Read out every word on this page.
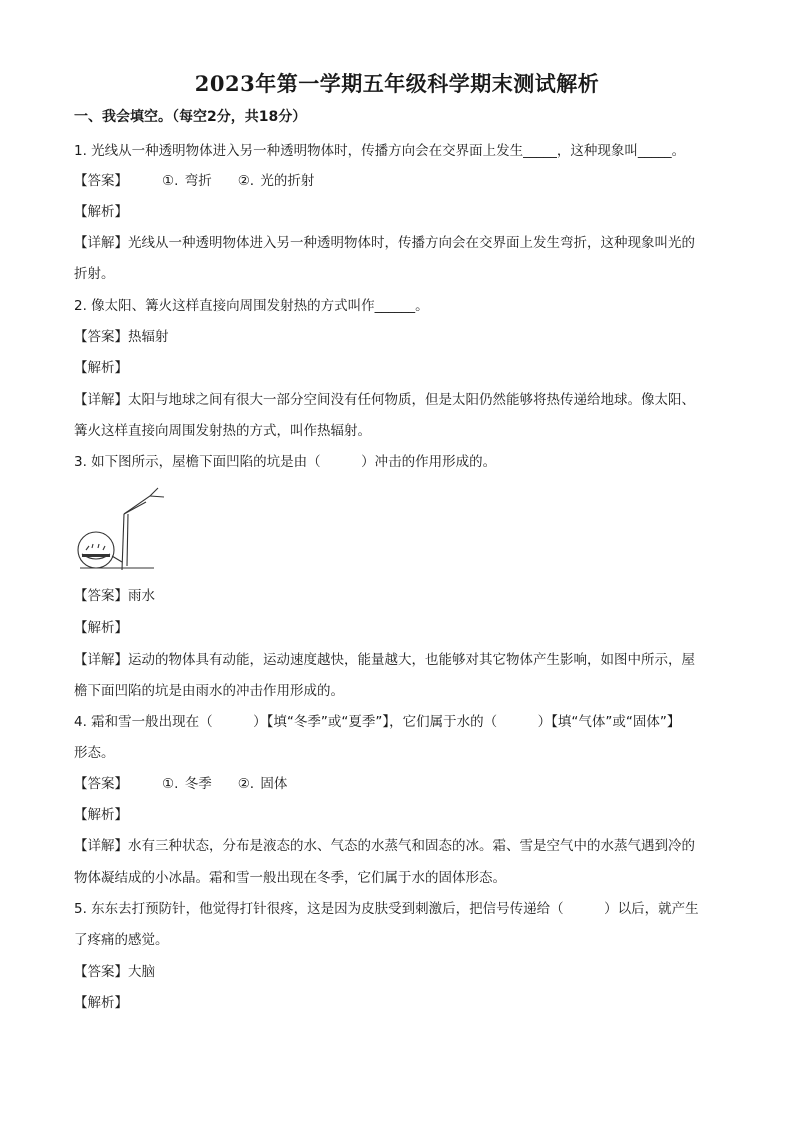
2023年第一学期五年级科学期末测试解析
一、我会填空。（每空2分，共18分）
1. 光线从一种透明物体进入另一种透明物体时，传播方向会在交界面上发生_____，这种现象叫_____。
【答案】	①. 弯折 ②. 光的折射
【解析】
【详解】光线从一种透明物体进入另一种透明物体时，传播方向会在交界面上发生弯折，这种现象叫光的
折射。
2. 像太阳、篝火这样直接向周围发射热的方式叫作______。
【答案】热辐射
【解析】
【详解】太阳与地球之间有很大一部分空间没有任何物质，但是太阳仍然能够将热传递给地球。像太阳、
篝火这样直接向周围发射热的方式，叫作热辐射。
3. 如下图所示，屋檐下面凹陷的坑是由（　　　）冲击的作用形成的。
【答案】雨水
【解析】
【详解】运动的物体具有动能，运动速度越快，能量越大，也能够对其它物体产生影响，如图中所示，屋
檐下面凹陷的坑是由雨水的冲击作用形成的。
4. 霜和雪一般出现在（　　　）【填“冬季”或“夏季”】，它们属于水的（　　　）【填“气体”或“固体”】
形态。
【答案】	①. 冬季 ②. 固体
【解析】
【详解】水有三种状态，分布是液态的水、气态的水蒸气和固态的冰。霜、雪是空气中的水蒸气遇到冷的
物体凝结成的小冰晶。霜和雪一般出现在冬季，它们属于水的固体形态。
5. 东东去打预防针，他觉得打针很疼，这是因为皮肤受到刺激后，把信号传递给（　　　）以后，就产生
了疼痛的感觉。
【答案】大脑
【解析】
